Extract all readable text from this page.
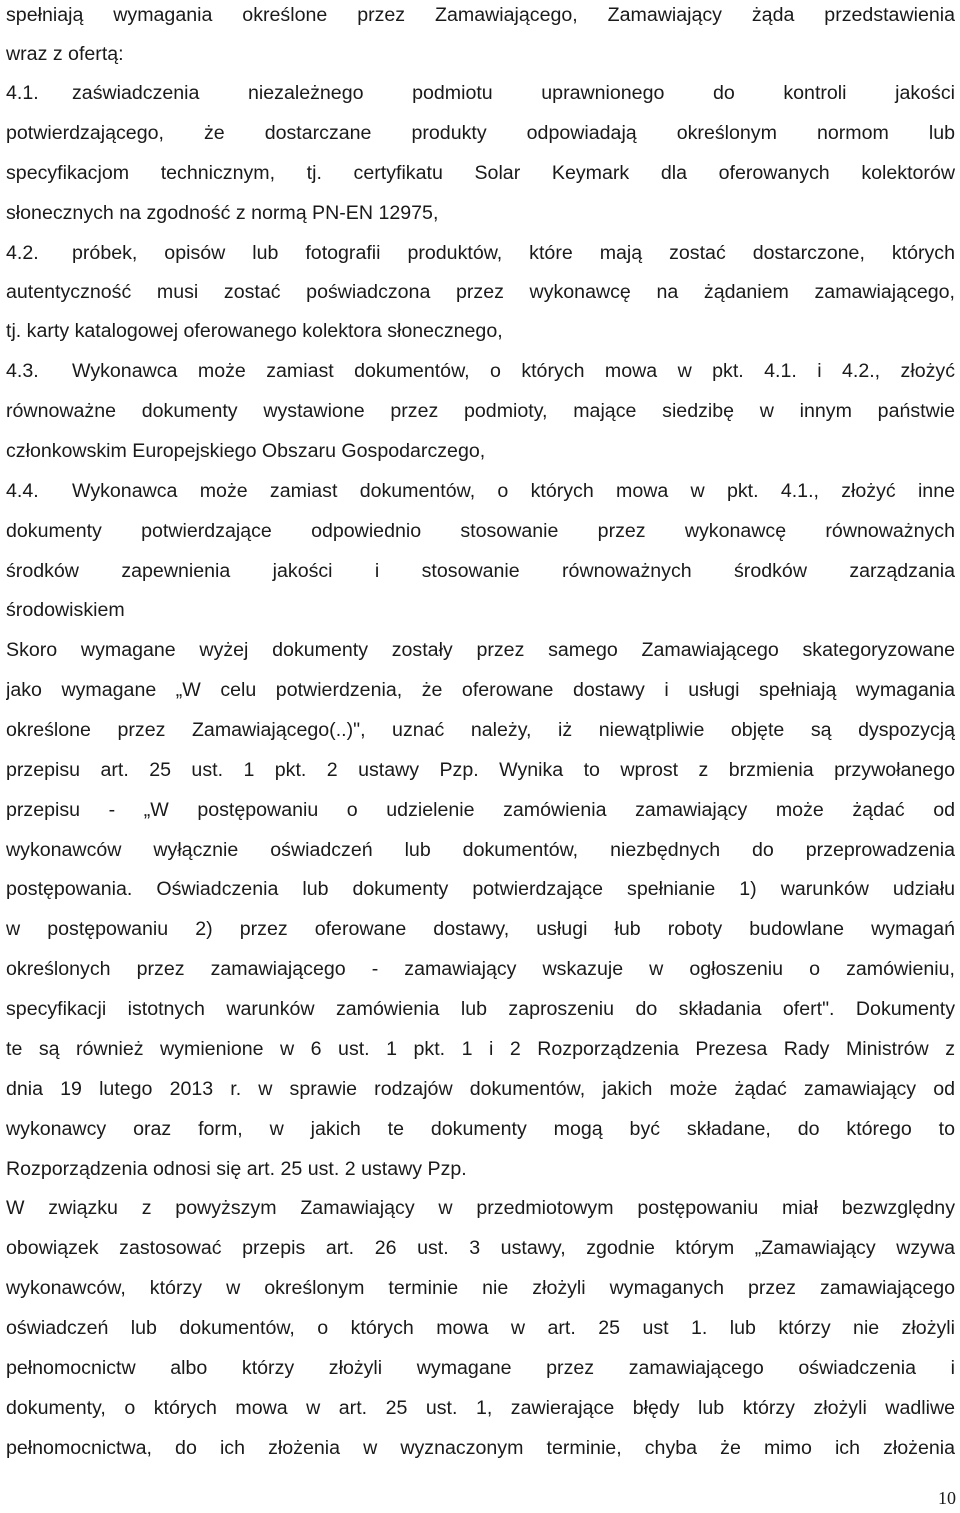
spełniają wymagania określone przez Zamawiającego, Zamawiający żąda przedstawienia
wraz z ofertą:
4.1. zaświadczenia niezależnego podmiotu uprawnionego do kontroli jakości
potwierdzającego, że dostarczane produkty odpowiadają określonym normom lub
specyfikacjom technicznym, tj. certyfikatu Solar Keymark dla oferowanych kolektorów
słonecznych na zgodność z normą PN-EN 12975,
4.2. próbek, opisów lub fotografii produktów, które mają zostać dostarczone, których
autentyczność musi zostać poświadczona przez wykonawcę na żądaniem zamawiającego,
tj. karty katalogowej oferowanego kolektora słonecznego,
4.3. Wykonawca może zamiast dokumentów, o których mowa w pkt. 4.1. i 4.2., złożyć
równoważne dokumenty wystawione przez podmioty, mające siedzibę w innym państwie
członkowskim Europejskiego Obszaru Gospodarczego,
4.4. Wykonawca może zamiast dokumentów, o których mowa w pkt. 4.1., złożyć inne
dokumenty potwierdzające odpowiednio stosowanie przez wykonawcę równoważnych
środków zapewnienia jakości i stosowanie równoważnych środków zarządzania
środowiskiem
Skoro wymagane wyżej dokumenty zostały przez samego Zamawiającego skategoryzowane
jako wymagane „W celu potwierdzenia, że oferowane dostawy i usługi spełniają wymagania
określone przez Zamawiającego(..)", uznać należy, iż niewątpliwie objęte są dyspozycją
przepisu art. 25 ust. 1 pkt. 2 ustawy Pzp. Wynika to wprost z brzmienia przywołanego
przepisu - „W postępowaniu o udzielenie zamówienia zamawiający może żądać od
wykonawców wyłącznie oświadczeń lub dokumentów, niezbędnych do przeprowadzenia
postępowania. Oświadczenia lub dokumenty potwierdzające spełnianie 1) warunków udziału
w postępowaniu 2) przez oferowane dostawy, usługi łub roboty budowlane wymagań
określonych przez zamawiającego - zamawiający wskazuje w ogłoszeniu o zamówieniu,
specyfikacji istotnych warunków zamówienia lub zaproszeniu do składania ofert". Dokumenty
te są również wymienione w 6 ust. 1 pkt. 1 i 2 Rozporządzenia Prezesa Rady Ministrów z
dnia 19 lutego 2013 r. w sprawie rodzajów dokumentów, jakich może żądać zamawiający od
wykonawcy oraz form, w jakich te dokumenty mogą być składane, do którego to
Rozporządzenia odnosi się art. 25 ust. 2 ustawy Pzp.
W związku z powyższym Zamawiający w przedmiotowym postępowaniu miał bezwzględny
obowiązek zastosować przepis art. 26 ust. 3 ustawy, zgodnie którym „Zamawiający wzywa
wykonawców, którzy w określonym terminie nie złożyli wymaganych przez zamawiającego
oświadczeń lub dokumentów, o których mowa w art. 25 ust 1. lub którzy nie złożyli
pełnomocnictw albo którzy złożyli wymagane przez zamawiającego oświadczenia i
dokumenty, o których mowa w art. 25 ust. 1, zawierające błędy lub którzy złożyli wadliwe
pełnomocnictwa, do ich złożenia w wyznaczonym terminie, chyba że mimo ich złożenia
10
